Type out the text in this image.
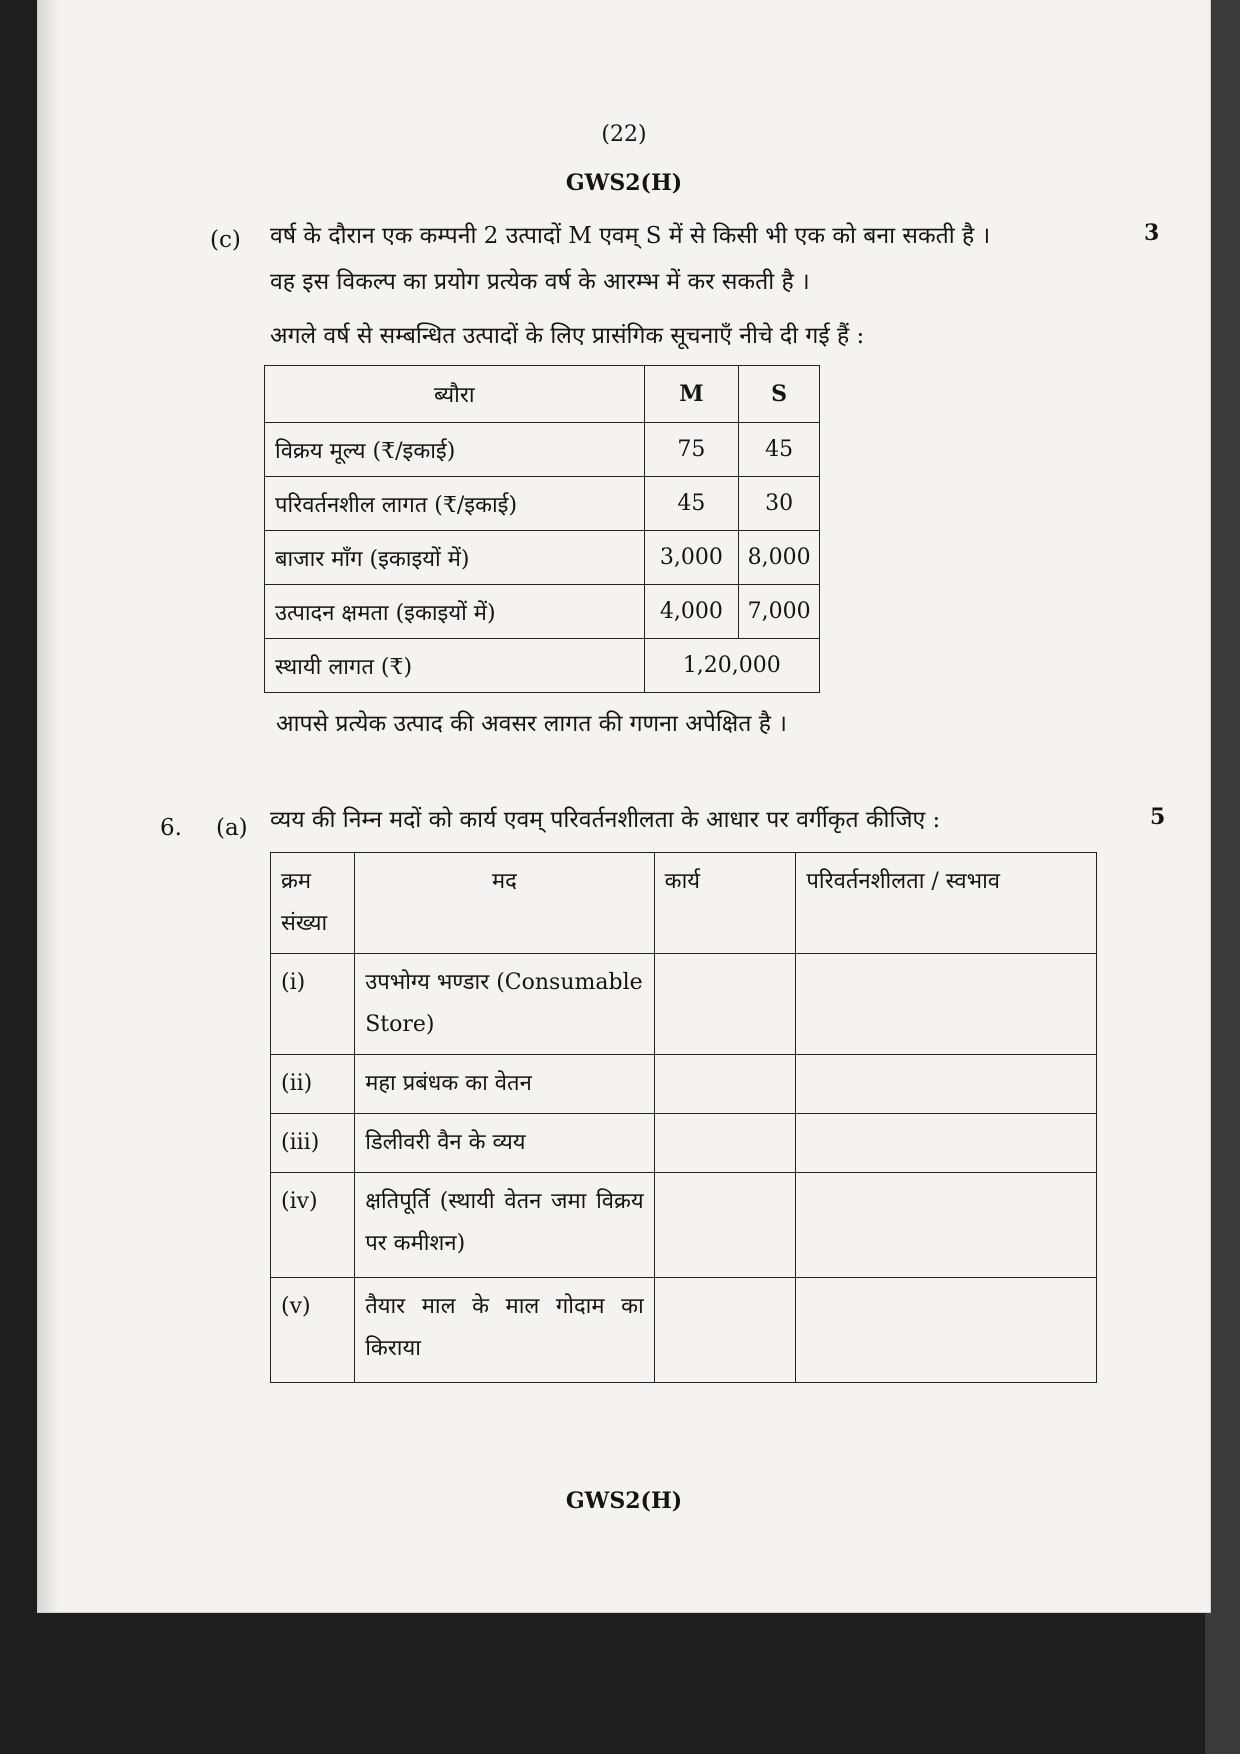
(22)
GWS2(H)
(c)	3
वर्ष के दौरान एक कम्पनी 2 उत्पादों M एवम् S में से किसी भी एक को बना सकती है ।
वह इस विकल्प का प्रयोग प्रत्येक वर्ष के आरम्भ में कर सकती है ।
अगले वर्ष से सम्बन्धित उत्पादों के लिए प्रासंगिक सूचनाएँ नीचे दी गई हैं :
ब्यौरा	M	S
विक्रय मूल्य (₹/इकाई)	75	45
परिवर्तनशील लागत (₹/इकाई)	45	30
बाजार माँग (इकाइयों में)	3,000	8,000
उत्पादन क्षमता (इकाइयों में)	4,000	7,000
स्थायी लागत (₹)	1,20,000	
आपसे प्रत्येक उत्पाद की अवसर लागत की गणना अपेक्षित है ।
6. (a) व्यय की निम्न मदों को कार्य एवम् परिवर्तनशीलता के आधार पर वर्गीकृत कीजिए :	5
क्रम संख्या	मद	कार्य	परिवर्तनशीलता / स्वभाव
(i)	उपभोग्य भण्डार (Consumable Store)		
(ii)	महा प्रबंधक का वेतन		
(iii)	डिलीवरी वैन के व्यय		
(iv)	क्षतिपूर्ति (स्थायी वेतन जमा विक्रय पर कमीशन)		
(v)	तैयार माल के माल गोदाम का किराया		
GWS2(H)
